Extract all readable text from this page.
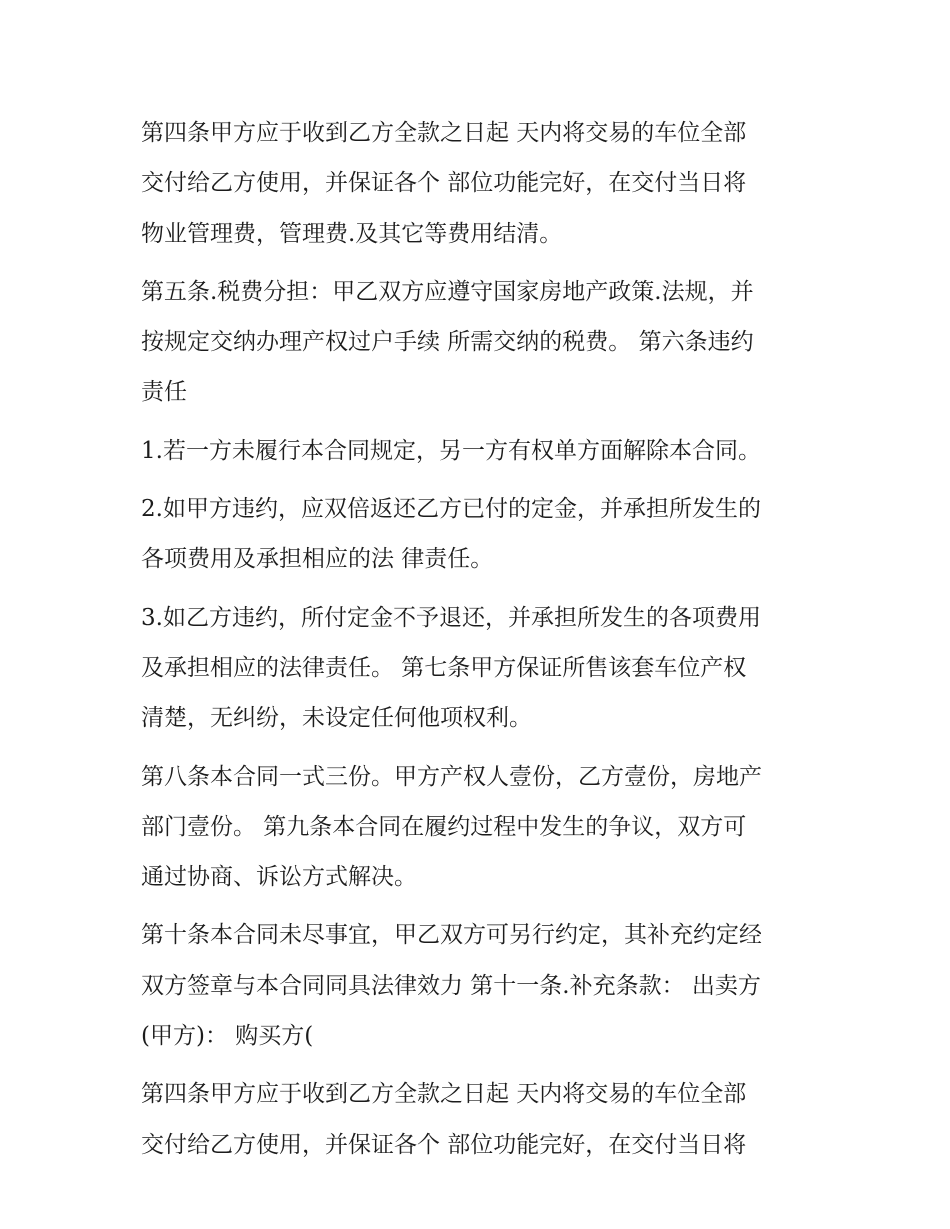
第四条甲方应于收到乙方全款之日起 天内将交易的车位全部
交付给乙方使用，并保证各个 部位功能完好，在交付当日将
物业管理费，管理费.及其它等费用结清。
第五条.税费分担：甲乙双方应遵守国家房地产政策.法规，并
按规定交纳办理产权过户手续 所需交纳的税费。 第六条违约
责任
1.若一方未履行本合同规定，另一方有权单方面解除本合同。
2.如甲方违约，应双倍返还乙方已付的定金，并承担所发生的
各项费用及承担相应的法 律责任。
3.如乙方违约，所付定金不予退还，并承担所发生的各项费用
及承担相应的法律责任。 第七条甲方保证所售该套车位产权
清楚，无纠纷，未设定任何他项权利。
第八条本合同一式三份。甲方产权人壹份，乙方壹份，房地产
部门壹份。 第九条本合同在履约过程中发生的争议，双方可
通过协商、诉讼方式解决。
第十条本合同未尽事宜，甲乙双方可另行约定，其补充约定经
双方签章与本合同同具法律效力 第十一条.补充条款： 出卖方
(甲方)： 购买方(
第四条甲方应于收到乙方全款之日起 天内将交易的车位全部
交付给乙方使用，并保证各个 部位功能完好，在交付当日将
